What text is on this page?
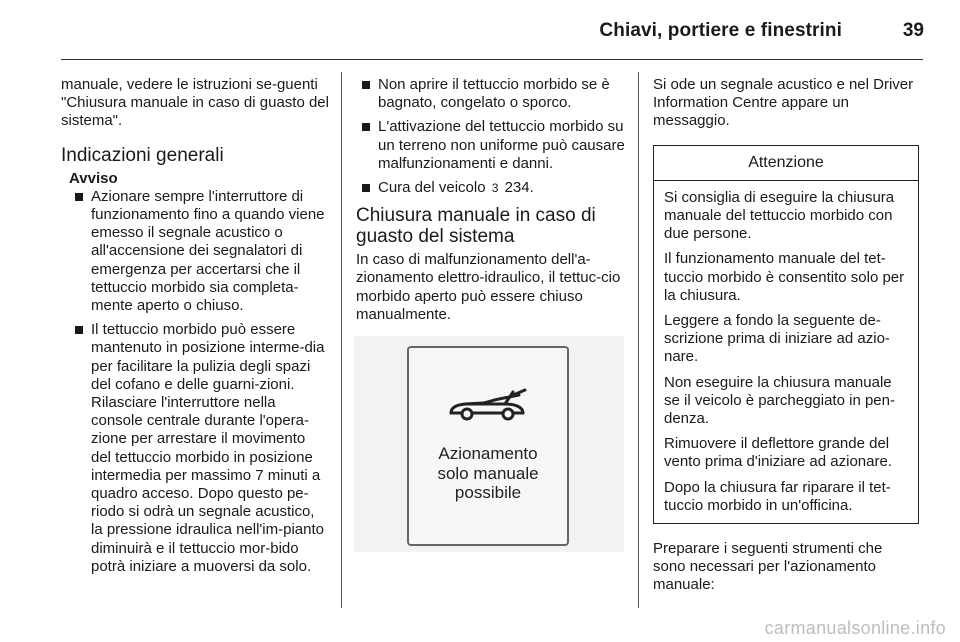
Chiavi, portiere e finestrini	39

manuale, vedere le istruzioni se-guenti "Chiusura manuale in caso di guasto del sistema".

Indicazioni generali
Avviso
Azionare sempre l'interruttore di funzionamento fino a quando viene emesso il segnale acustico o all'accensione dei segnalatori di emergenza per accertarsi che il tettuccio morbido sia completa-mente aperto o chiuso.
Il tettuccio morbido può essere mantenuto in posizione interme-dia per facilitare la pulizia degli spazi del cofano e delle guarni-zioni. Rilasciare l'interruttore nella console centrale durante l'opera-zione per arrestare il movimento del tettuccio morbido in posizione intermedia per massimo 7 minuti a quadro acceso. Dopo questo pe-riodo si odrà un segnale acustico, la pressione idraulica nell'im-pianto diminuirà e il tettuccio mor-bido potrà iniziare a muoversi da solo.
Non aprire il tettuccio morbido se è bagnato, congelato o sporco.
L'attivazione del tettuccio morbido su un terreno non uniforme può causare malfunzionamenti e danni.
Cura del veicolo 3 234.
Chiusura manuale in caso di guasto del sistema

In caso di malfunzionamento dell'a-zionamento elettro-idraulico, il tettuc-cio morbido aperto può essere chiuso manualmente.

Azionamento
solo manuale
possibile

Si ode un segnale acustico e nel Driver Information Centre appare un messaggio.

Attenzione

Si consiglia di eseguire la chiusura manuale del tettuccio morbido con due persone.

Il funzionamento manuale del tet-tuccio morbido è consentito solo per la chiusura.

Leggere a fondo la seguente de-scrizione prima di iniziare ad azio-nare.

Non eseguire la chiusura manuale se il veicolo è parcheggiato in pen-denza.

Rimuovere il deflettore grande del vento prima d'iniziare ad azionare.

Dopo la chiusura far riparare il tet-tuccio morbido in un'officina.

Preparare i seguenti strumenti che sono necessari per l'azionamento manuale:

carmanualsonline.info
